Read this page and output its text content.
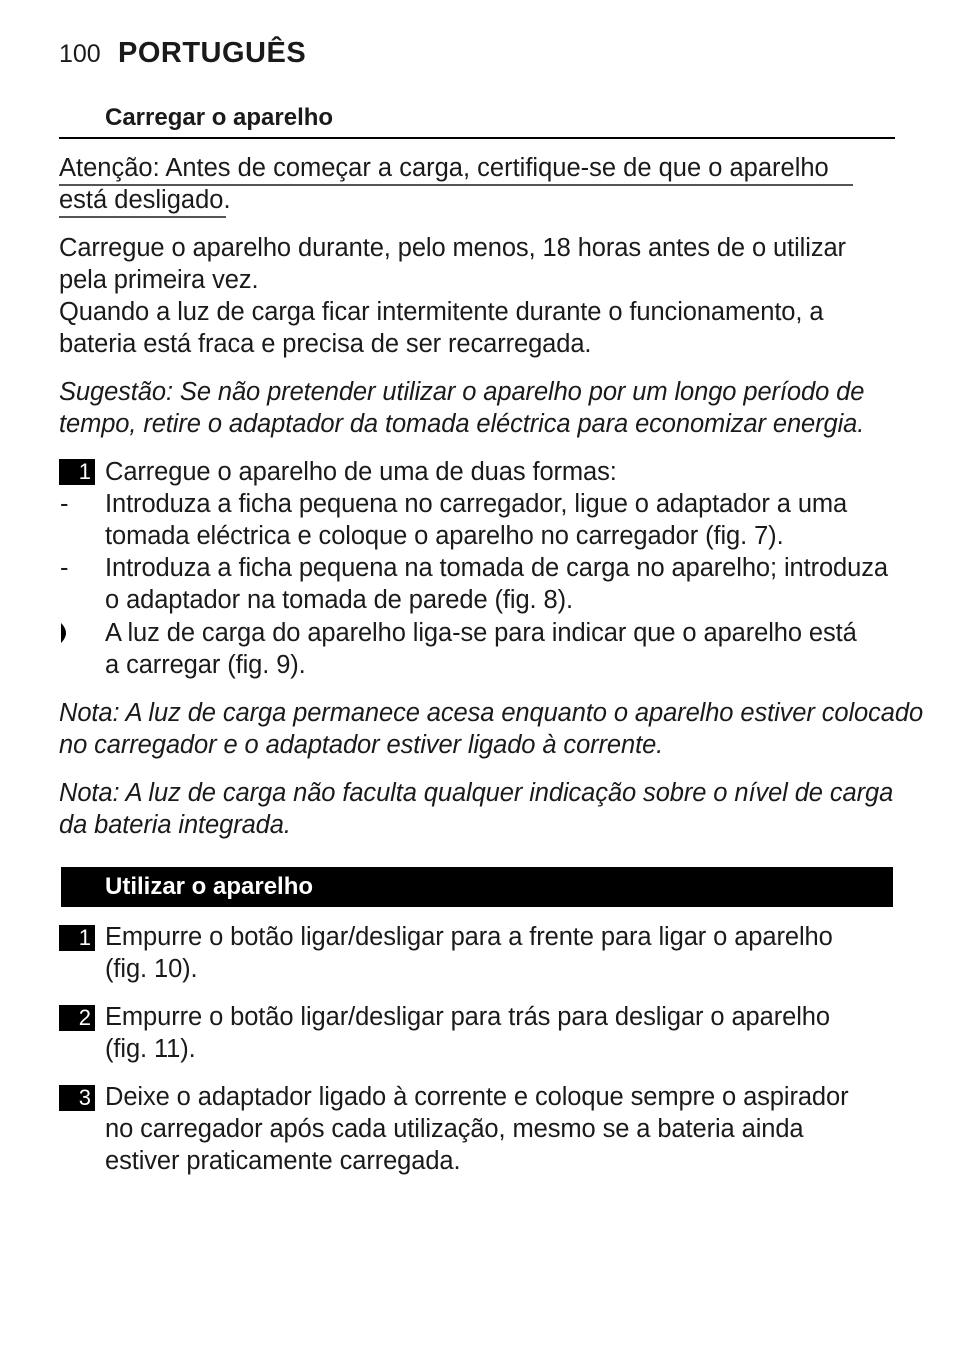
100 PORTUGUÊS
Carregar o aparelho
Atenção: Antes de começar a carga, certifique-se de que o aparelho
está desligado.
Carregue o aparelho durante, pelo menos, 18 horas antes de o utilizar
pela primeira vez.
Quando a luz de carga ficar intermitente durante o funcionamento, a
bateria está fraca e precisa de ser recarregada.
Sugestão: Se não pretender utilizar o aparelho por um longo período de
tempo, retire o adaptador da tomada eléctrica para economizar energia.
1 Carregue o aparelho de uma de duas formas:
- Introduza a ficha pequena no carregador, ligue o adaptador a uma
tomada eléctrica e coloque o aparelho no carregador (fig. 7).
- Introduza a ficha pequena na tomada de carga no aparelho; introduza
o adaptador na tomada de parede (fig. 8).
A luz de carga do aparelho liga-se para indicar que o aparelho está
a carregar (fig. 9).
Nota: A luz de carga permanece acesa enquanto o aparelho estiver colocado
no carregador e o adaptador estiver ligado à corrente.
Nota: A luz de carga não faculta qualquer indicação sobre o nível de carga
da bateria integrada.
Utilizar o aparelho
1 Empurre o botão ligar/desligar para a frente para ligar o aparelho
(fig. 10).
2 Empurre o botão ligar/desligar para trás para desligar o aparelho
(fig. 11).
3 Deixe o adaptador ligado à corrente e coloque sempre o aspirador
no carregador após cada utilização, mesmo se a bateria ainda
estiver praticamente carregada.
